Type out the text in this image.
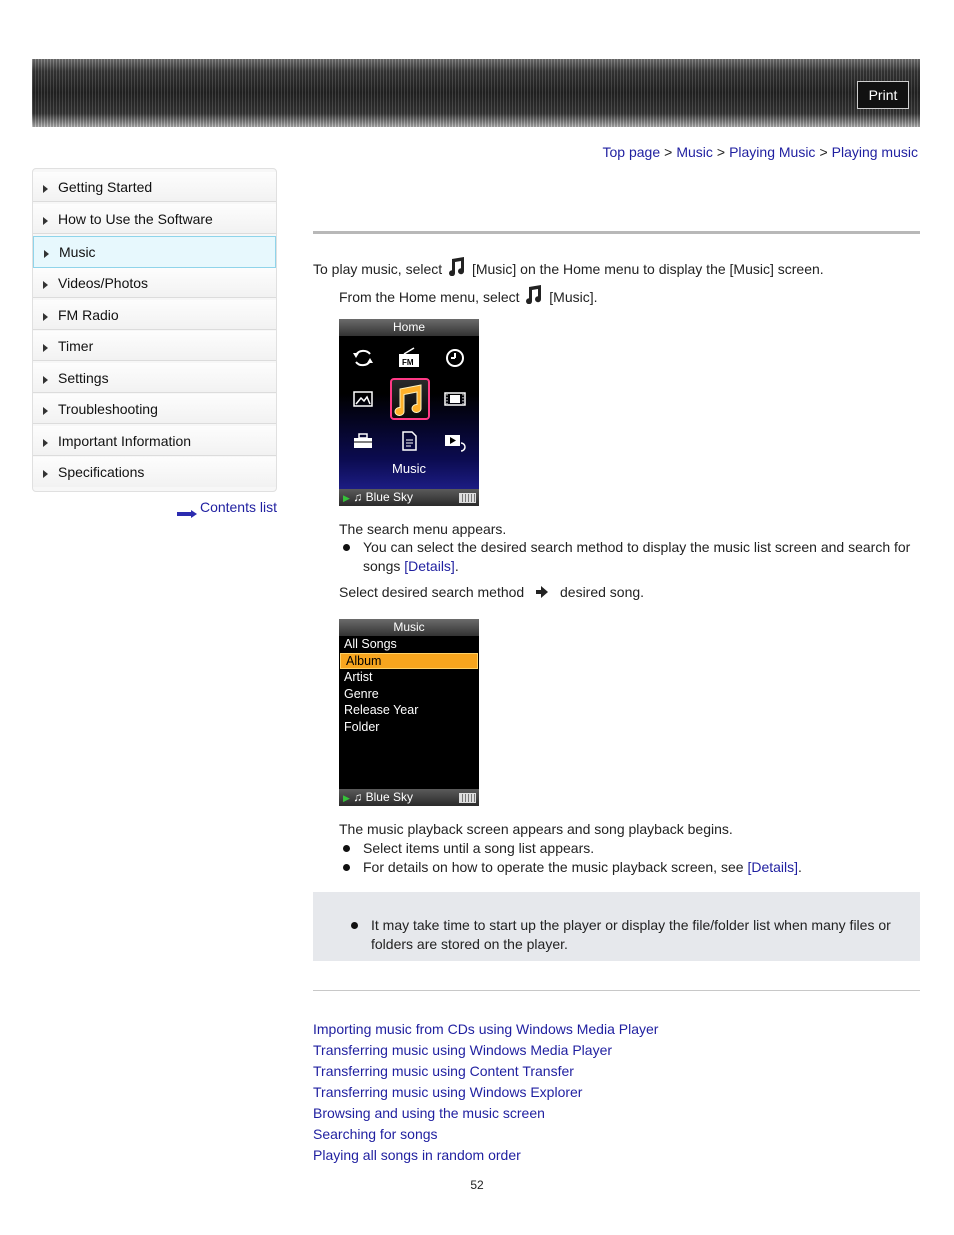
Print
Top page > Music > Playing Music > Playing music
Getting Started
How to Use the Software
Music
Videos/Photos
FM Radio
Timer
Settings
Troubleshooting
Important Information
Specifications
Contents list
To play music, select [Music] on the Home menu to display the [Music] screen.
From the Home menu, select [Music].
Home
FM
Music
▶ ♫ Blue Sky
The search menu appears.
You can select the desired search method to display the music list screen and search for songs [Details].
Select desired search method	desired song.
Music
All Songs
Album
Artist
Genre
Release Year
Folder
▶ ♫ Blue Sky
The music playback screen appears and song playback begins.
Select items until a song list appears.
For details on how to operate the music playback screen, see [Details].
It may take time to start up the player or display the file/folder list when many files or folders are stored on the player.
Importing music from CDs using Windows Media Player
Transferring music using Windows Media Player
Transferring music using Content Transfer
Transferring music using Windows Explorer
Browsing and using the music screen
Searching for songs
Playing all songs in random order
52
